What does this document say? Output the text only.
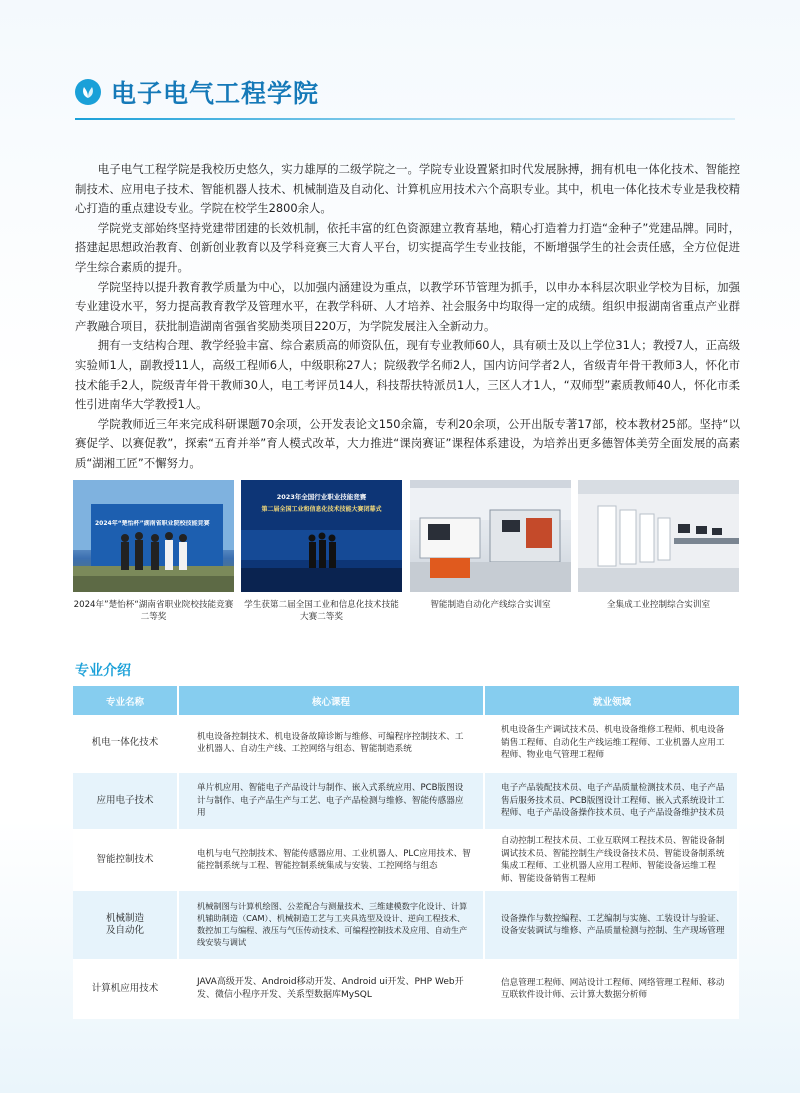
电子电气工程学院

电子电气工程学院是我校历史悠久，实力雄厚的二级学院之一。学院专业设置紧扣时代发展脉搏，拥有机电一体化技术、智能控制技术、应用电子技术、智能机器人技术、机械制造及自动化、计算机应用技术六个高职专业。其中，机电一体化技术专业是我校精心打造的重点建设专业。学院在校学生2800余人。

学院党支部始终坚持党建带团建的长效机制，依托丰富的红色资源建立教育基地，精心打造着力打造“金种子”党建品牌。同时，搭建起思想政治教育、创新创业教育以及学科竞赛三大育人平台，切实提高学生专业技能，不断增强学生的社会责任感，全方位促进学生综合素质的提升。

学院坚持以提升教育教学质量为中心，以加强内涵建设为重点，以教学环节管理为抓手，以申办本科层次职业学校为目标，加强专业建设水平，努力提高教育教学及管理水平，在教学科研、人才培养、社会服务中均取得一定的成绩。组织申报湖南省重点产业群产教融合项目，获批制造湖南省强省奖励类项目220万，为学院发展注入全新动力。

拥有一支结构合理、教学经验丰富、综合素质高的师资队伍，现有专业教师60人，具有硕士及以上学位31人；教授7人，正高级实验师1人，副教授11人，高级工程师6人，中级职称27人；院级教学名师2人，国内访问学者2人，省级青年骨干教师3人，怀化市技术能手2人，院级青年骨干教师30人，电工考评员14人，科技帮扶特派员1人，三区人才1人，“双师型”素质教师40人，怀化市柔性引进南华大学教授1人。

学院教师近三年来完成科研课题70余项，公开发表论文150余篇，专利20余项，公开出版专著17部，校本教材25部。坚持“以赛促学、以赛促教”，探索“五育并举”育人模式改革，大力推进“课岗赛证”课程体系建设，为培养出更多德智体美劳全面发展的高素质“湖湘工匠”不懈努力。

2024年“楚怡杯”湖南省职业院校技能竞赛
2023年全国行业职业技能竞赛
第二届全国工业和信息化技术技能大赛闭幕式
2024年”楚怡杯“湖南省职业院校技能竞赛二等奖
学生获第二届全国工业和信息化技术技能大赛二等奖
智能制造自动化产线综合实训室	全集成工业控制综合实训室
专业介绍
专业名称	核心课程	就业领域
机电一体化技术	机电设备控制技术、机电设备故障诊断与维修、可编程序控制技术、工业机器人、自动生产线、工控网络与组态、智能制造系统	机电设备生产调试技术员、机电设备维修工程师、机电设备销售工程师、自动化生产线运维工程师、工业机器人应用工程师、物业电气管理工程师
应用电子技术	单片机应用、智能电子产品设计与制作、嵌入式系统应用、PCB版图设计与制作、电子产品生产与工艺、电子产品检测与维修、智能传感器应用	电子产品装配技术员、电子产品质量检测技术员、电子产品售后服务技术员、PCB版图设计工程师、嵌入式系统设计工程师、电子产品设备操作技术员、电子产品设备维护技术员
智能控制技术	电机与电气控制技术、智能传感器应用、工业机器人、PLC应用技术、智能控制系统与工程、智能控制系统集成与安装、工控网络与组态	自动控制工程技术员、工业互联网工程技术员、智能设备制调试技术员、智能控制生产线设备技术员、智能设备制系统集成工程师、工业机器人应用工程师、智能设备运维工程师、智能设备销售工程师

机械制造
及自动化	机械制图与计算机绘图、公差配合与测量技术、三维建模数字化设计、计算机辅助制造（CAM）、机械制造工艺与工夹具选型及设计、逆向工程技术、数控加工与编程、液压与气压传动技术、可编程控制技术及应用、自动生产线安装与调试	设备操作与数控编程、工艺编制与实施、工装设计与验证、设备安装调试与维修、产品质量检测与控制、生产现场管理
计算机应用技术	JAVA高级开发、Android移动开发、Android ui开发、PHP Web开发、微信小程序开发、关系型数据库MySQL	信息管理工程师、网站设计工程师、网络管理工程师、移动互联软件设计师、云计算大数据分析师
